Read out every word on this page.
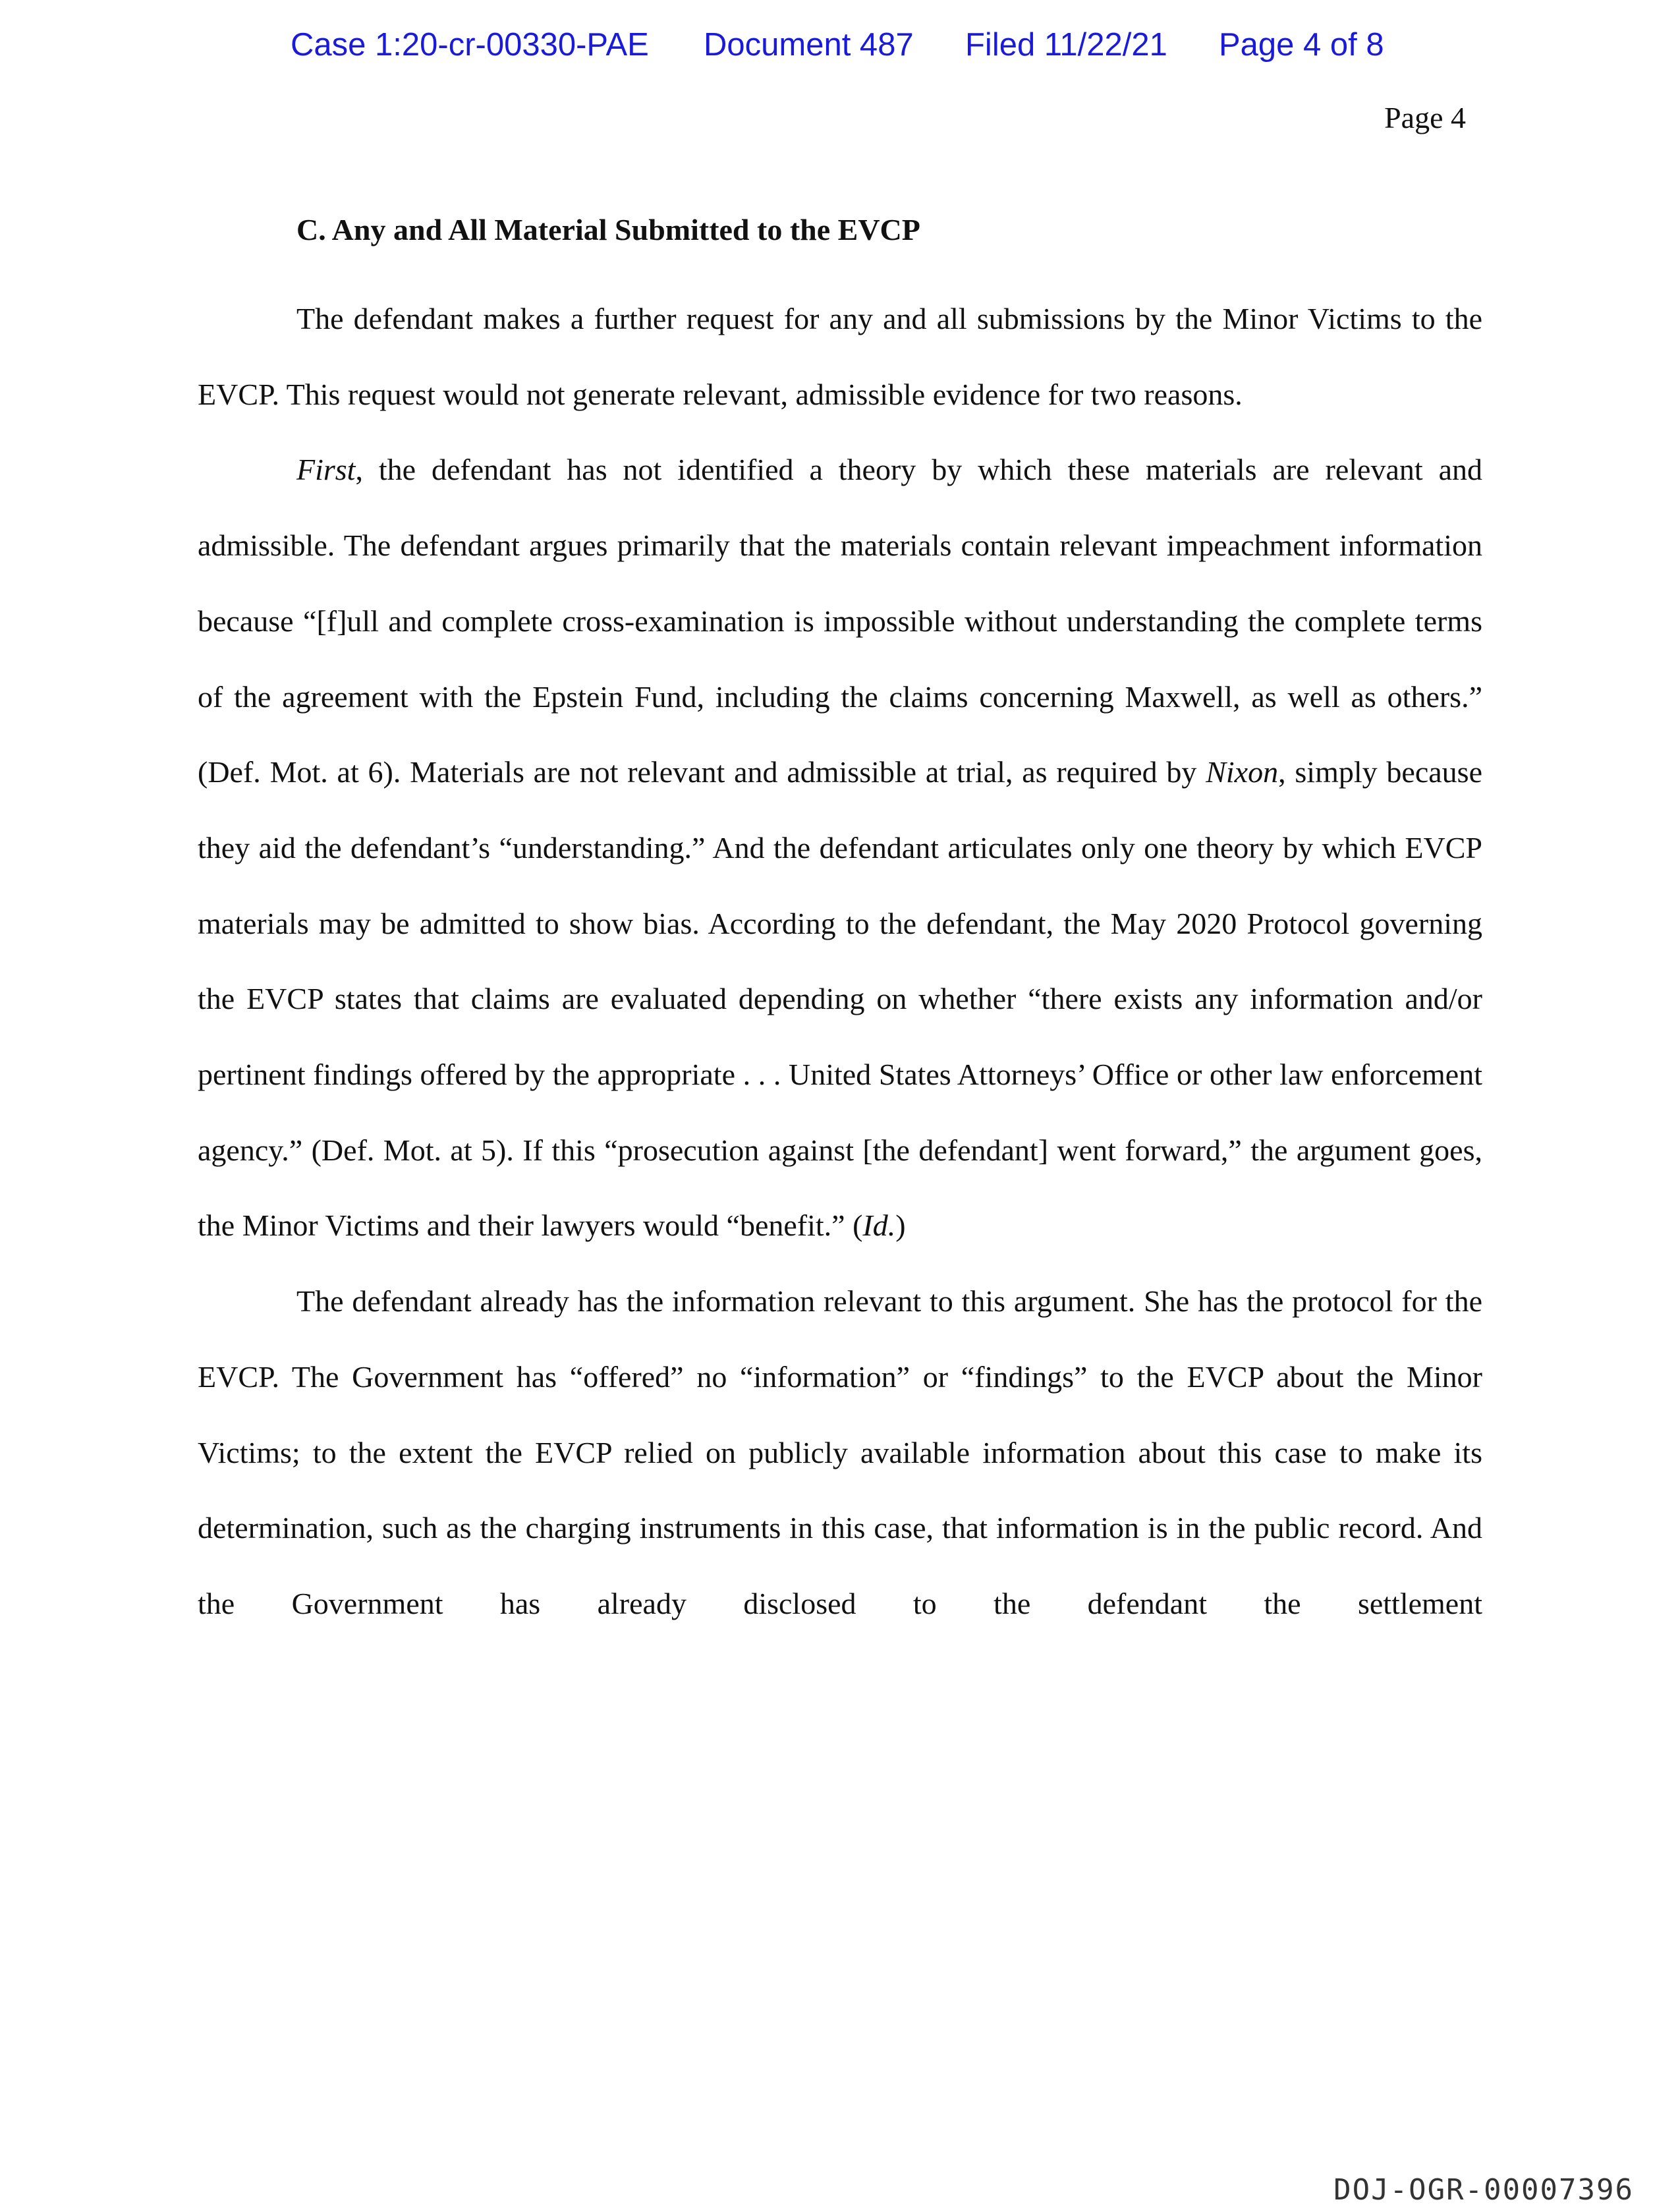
Case 1:20-cr-00330-PAE Document 487 Filed 11/22/21 Page 4 of 8
Page 4
C. Any and All Material Submitted to the EVCP

The defendant makes a further request for any and all submissions by the Minor Victims to the EVCP. This request would not generate relevant, admissible evidence for two reasons.

First, the defendant has not identified a theory by which these materials are relevant and admissible. The defendant argues primarily that the materials contain relevant impeachment information because “[f]ull and complete cross-examination is impossible without understanding the complete terms of the agreement with the Epstein Fund, including the claims concerning Maxwell, as well as others.” (Def. Mot. at 6). Materials are not relevant and admissible at trial, as required by Nixon, simply because they aid the defendant’s “understanding.” And the defendant articulates only one theory by which EVCP materials may be admitted to show bias. According to the defendant, the May 2020 Protocol governing the EVCP states that claims are evaluated depending on whether “there exists any information and/or pertinent findings offered by the appropriate . . . United States Attorneys’ Office or other law enforcement agency.” (Def. Mot. at 5). If this “prosecution against [the defendant] went forward,” the argument goes, the Minor Victims and their lawyers would “benefit.” (Id.)

The defendant already has the information relevant to this argument. She has the protocol for the EVCP. The Government has “offered” no “information” or “findings” to the EVCP about the Minor Victims; to the extent the EVCP relied on publicly available information about this case to make its determination, such as the charging instruments in this case, that information is in the public record. And the Government has already disclosed to the defendant the settlement

DOJ-OGR-00007396
